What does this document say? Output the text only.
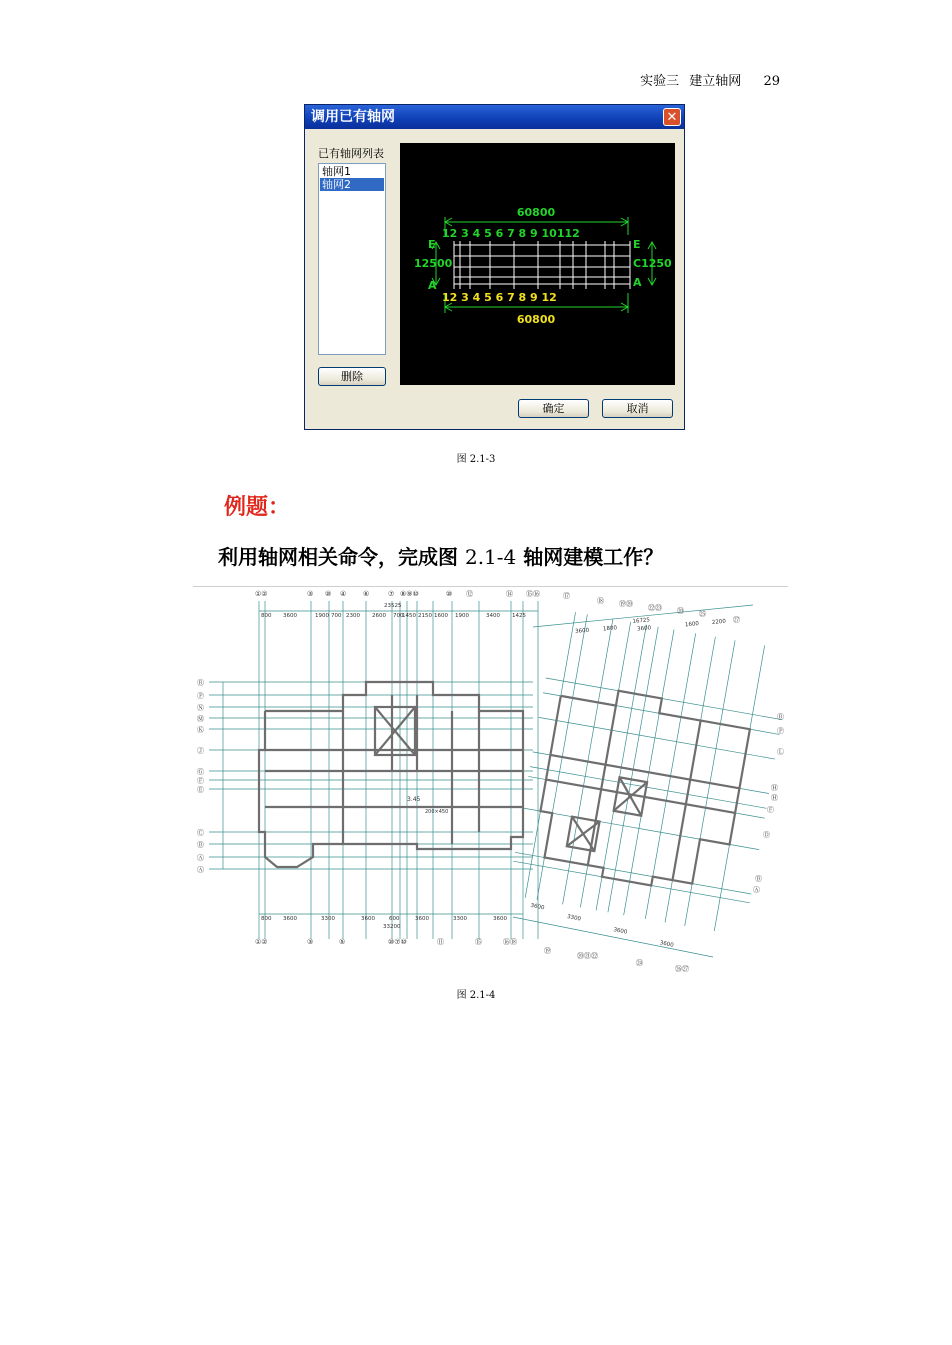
实验三 建立轴网 29
调用已有轴网	✕
已有轴网列表
轴网1
轴网2
删除
60800
12 3 4 5 6 7 8 9 10112
E
12500
A
E
C1250
A
12 3 4 5 6 7 8 9 12
60800
确定	取消
图 2.1-3
例题：
利用轴网相关命令，完成图 2.1-4 轴网建模工作？
①②	③ ⑩ ④ ⑥	⑦ ⑧⑨⑩	⑩ ⑫	⑭ ⑮⑯	⑰
⑱ ⑲⑳ ㉒㉓ ⑳ ㉕
㉗
23525
800 3600	1900 700 2300 2600 700
1450 2150 1600 1900	3400 1425
16725
3600 1800	3600
1600 2200
Ⓡ
Ⓟ
Ⓝ
Ⓜ
Ⓚ
Ⓙ
Ⓖ
Ⓕ
Ⓔ
Ⓒ
Ⓑ
Ⓐ
Ⓐ
Ⓡ
Ⓟ
Ⓛ
Ⓗ
Ⓗ
Ⓕ
Ⓓ
Ⓑ
Ⓐ
800 3600	3300	3600	600	3600	3300	3600
33200
3600
3300
3600
3600
①②	③	⑤	⑩⑦⑩	⑪	⑮	⑯⑱
⑲
⑳㉑㉒
㉔
㉖㉗
3.45
200×450
图 2.1-4
